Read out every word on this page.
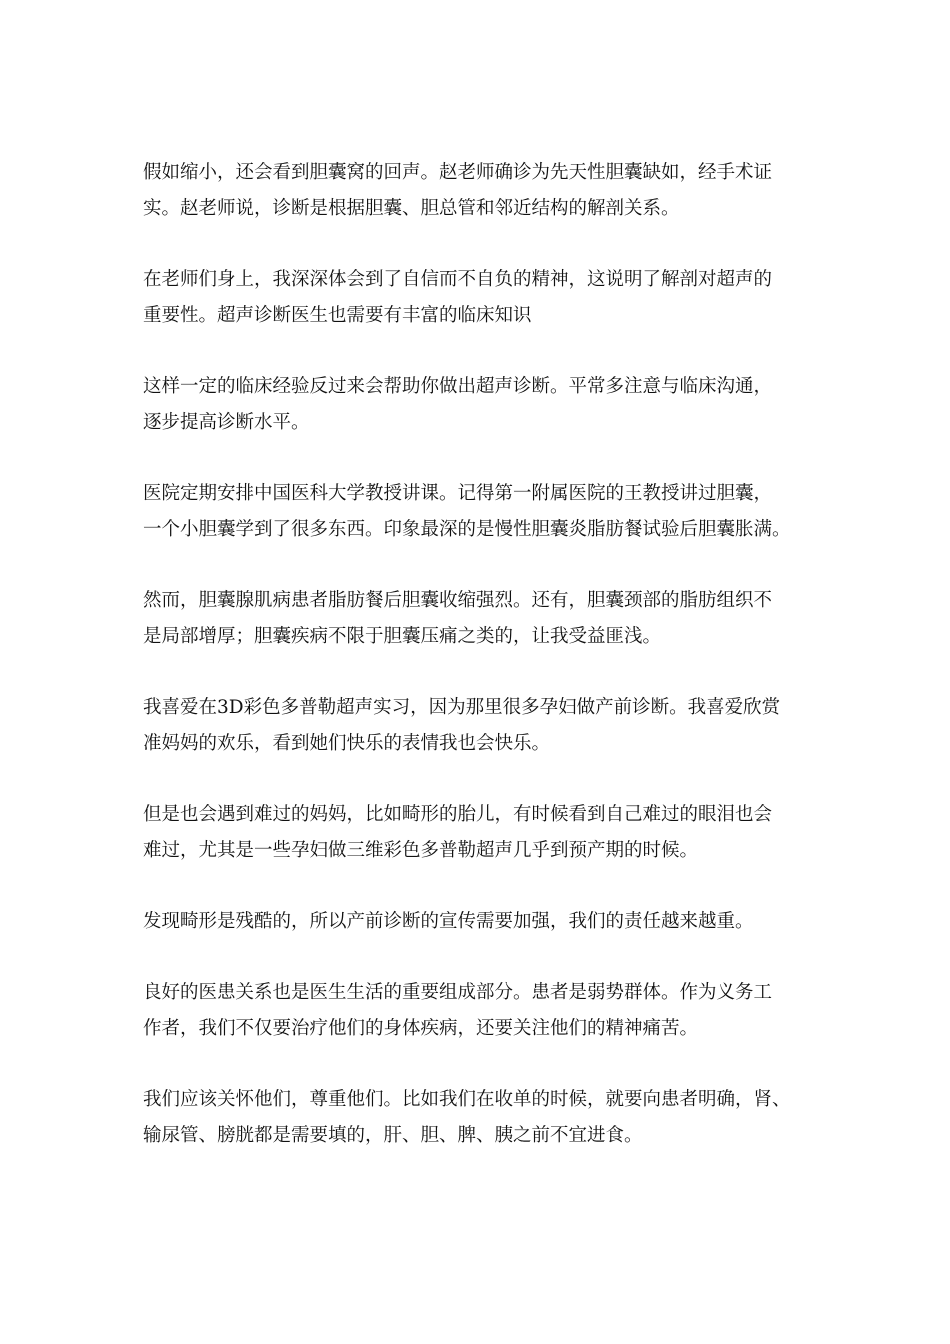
假如缩小，还会看到胆囊窝的回声。赵老师确诊为先天性胆囊缺如，经手术证
实。赵老师说，诊断是根据胆囊、胆总管和邻近结构的解剖关系。

在老师们身上，我深深体会到了自信而不自负的精神，这说明了解剖对超声的
重要性。超声诊断医生也需要有丰富的临床知识

这样一定的临床经验反过来会帮助你做出超声诊断。平常多注意与临床沟通，
逐步提高诊断水平。

医院定期安排中国医科大学教授讲课。记得第一附属医院的王教授讲过胆囊，
一个小胆囊学到了很多东西。印象最深的是慢性胆囊炎脂肪餐试验后胆囊胀满。

然而，胆囊腺肌病患者脂肪餐后胆囊收缩强烈。还有，胆囊颈部的脂肪组织不
是局部增厚；胆囊疾病不限于胆囊压痛之类的，让我受益匪浅。

我喜爱在3D彩色多普勒超声实习，因为那里很多孕妇做产前诊断。我喜爱欣赏
准妈妈的欢乐，看到她们快乐的表情我也会快乐。

但是也会遇到难过的妈妈，比如畸形的胎儿，有时候看到自己难过的眼泪也会
难过，尤其是一些孕妇做三维彩色多普勒超声几乎到预产期的时候。

发现畸形是残酷的，所以产前诊断的宣传需要加强，我们的责任越来越重。

良好的医患关系也是医生生活的重要组成部分。患者是弱势群体。作为义务工
作者，我们不仅要治疗他们的身体疾病，还要关注他们的精神痛苦。

我们应该关怀他们，尊重他们。比如我们在收单的时候，就要向患者明确，肾、
输尿管、膀胱都是需要填的，肝、胆、脾、胰之前不宜进食。
